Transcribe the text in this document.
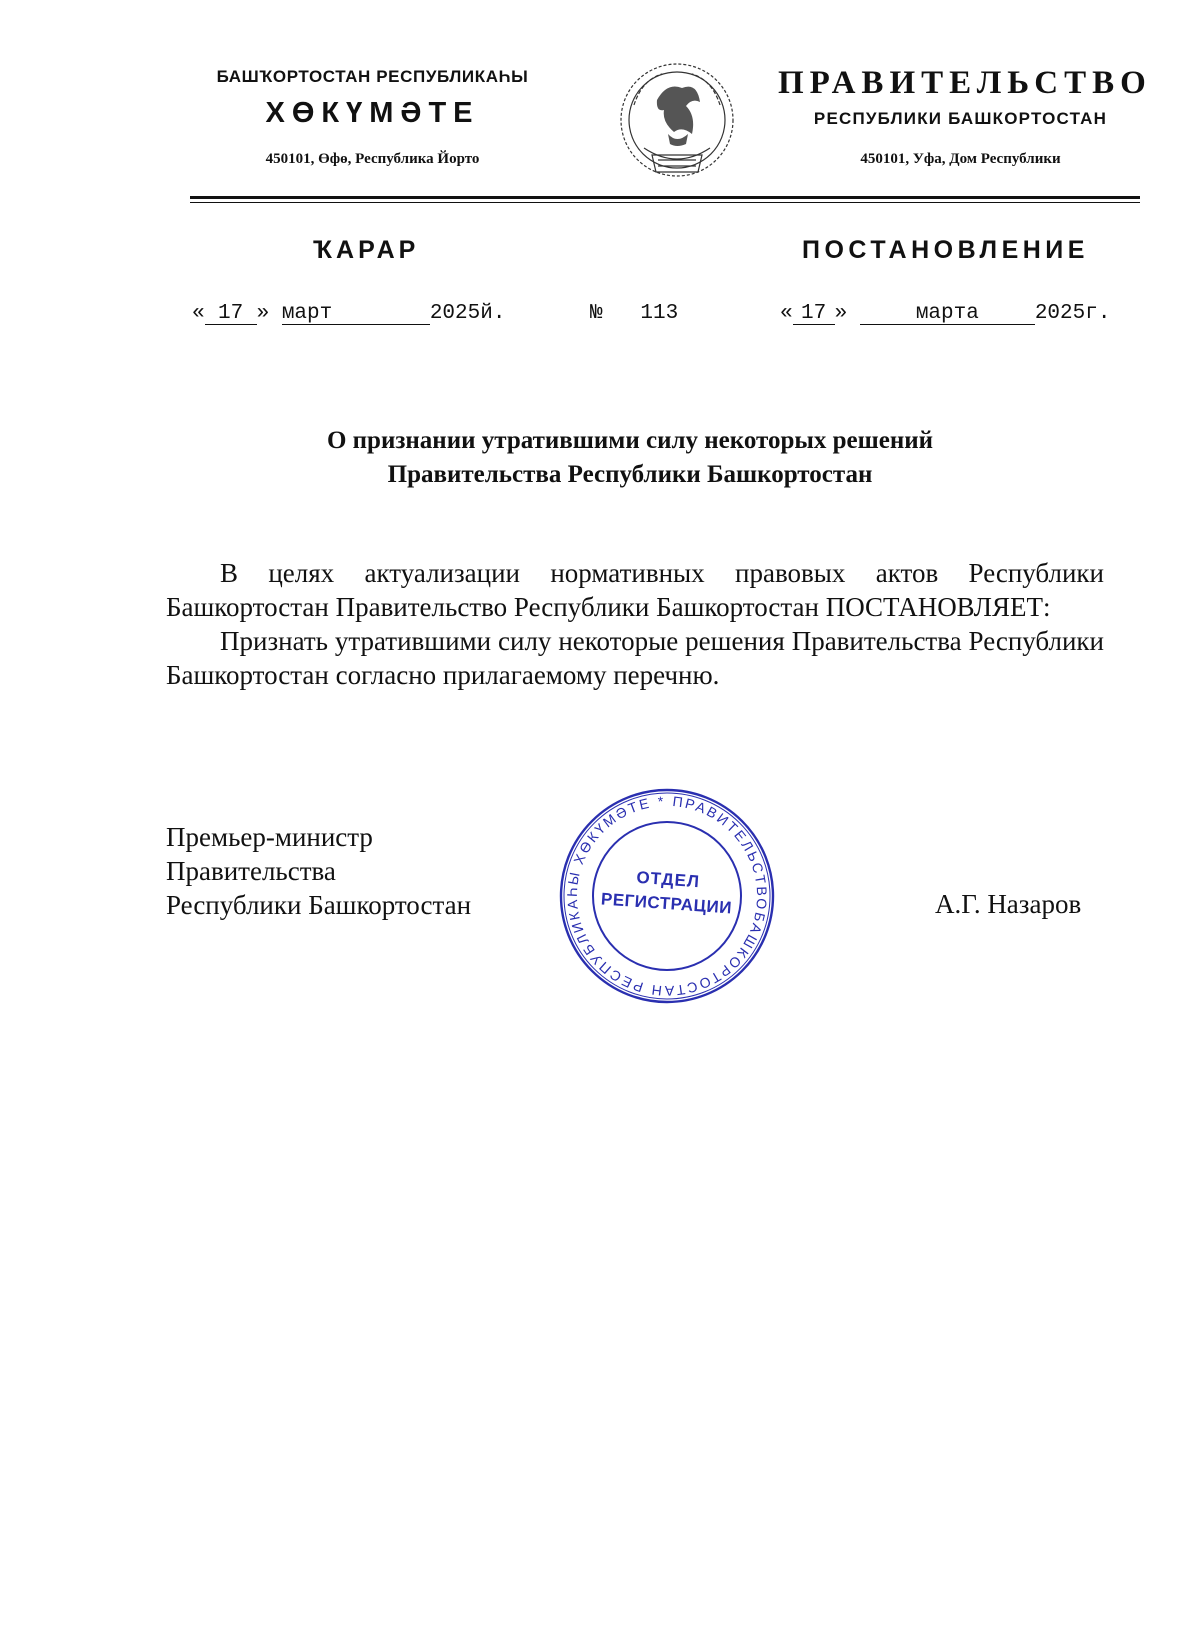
БАШҠОРТОСТАН РЕСПУБЛИКАҺЫ
ХӨКҮМӘТЕ
450101, Өфө, Республика Йорто
ПРАВИТЕЛЬСТВО
РЕСПУБЛИКИ БАШКОРТОСТАН
450101, Уфа, Дом Республики
ҠАРАР	ПОСТАНОВЛЕНИЕ
« 17 » март	2025й.	№ 113	« 17 »	марта	2025г.
О признании утратившими силу некоторых решений
Правительства Республики Башкортостан

В целях актуализации нормативных правовых актов Республики Башкортостан Правительство Республики Башкортостан ПОСТАНОВЛЯЕТ:

Признать утратившими силу некоторые решения Правительства Республики Башкортостан согласно прилагаемому перечню.

Премьер-министр
Правительства
Республики Башкортостан	БАШКОРТОСТАН РЕСПУБЛИКАҺЫ ХӨКҮМӘТЕ * ПРАВИТЕЛЬСТВО
ОТДЕЛ
РЕГИСТРАЦИИ	А.Г. Назаров
